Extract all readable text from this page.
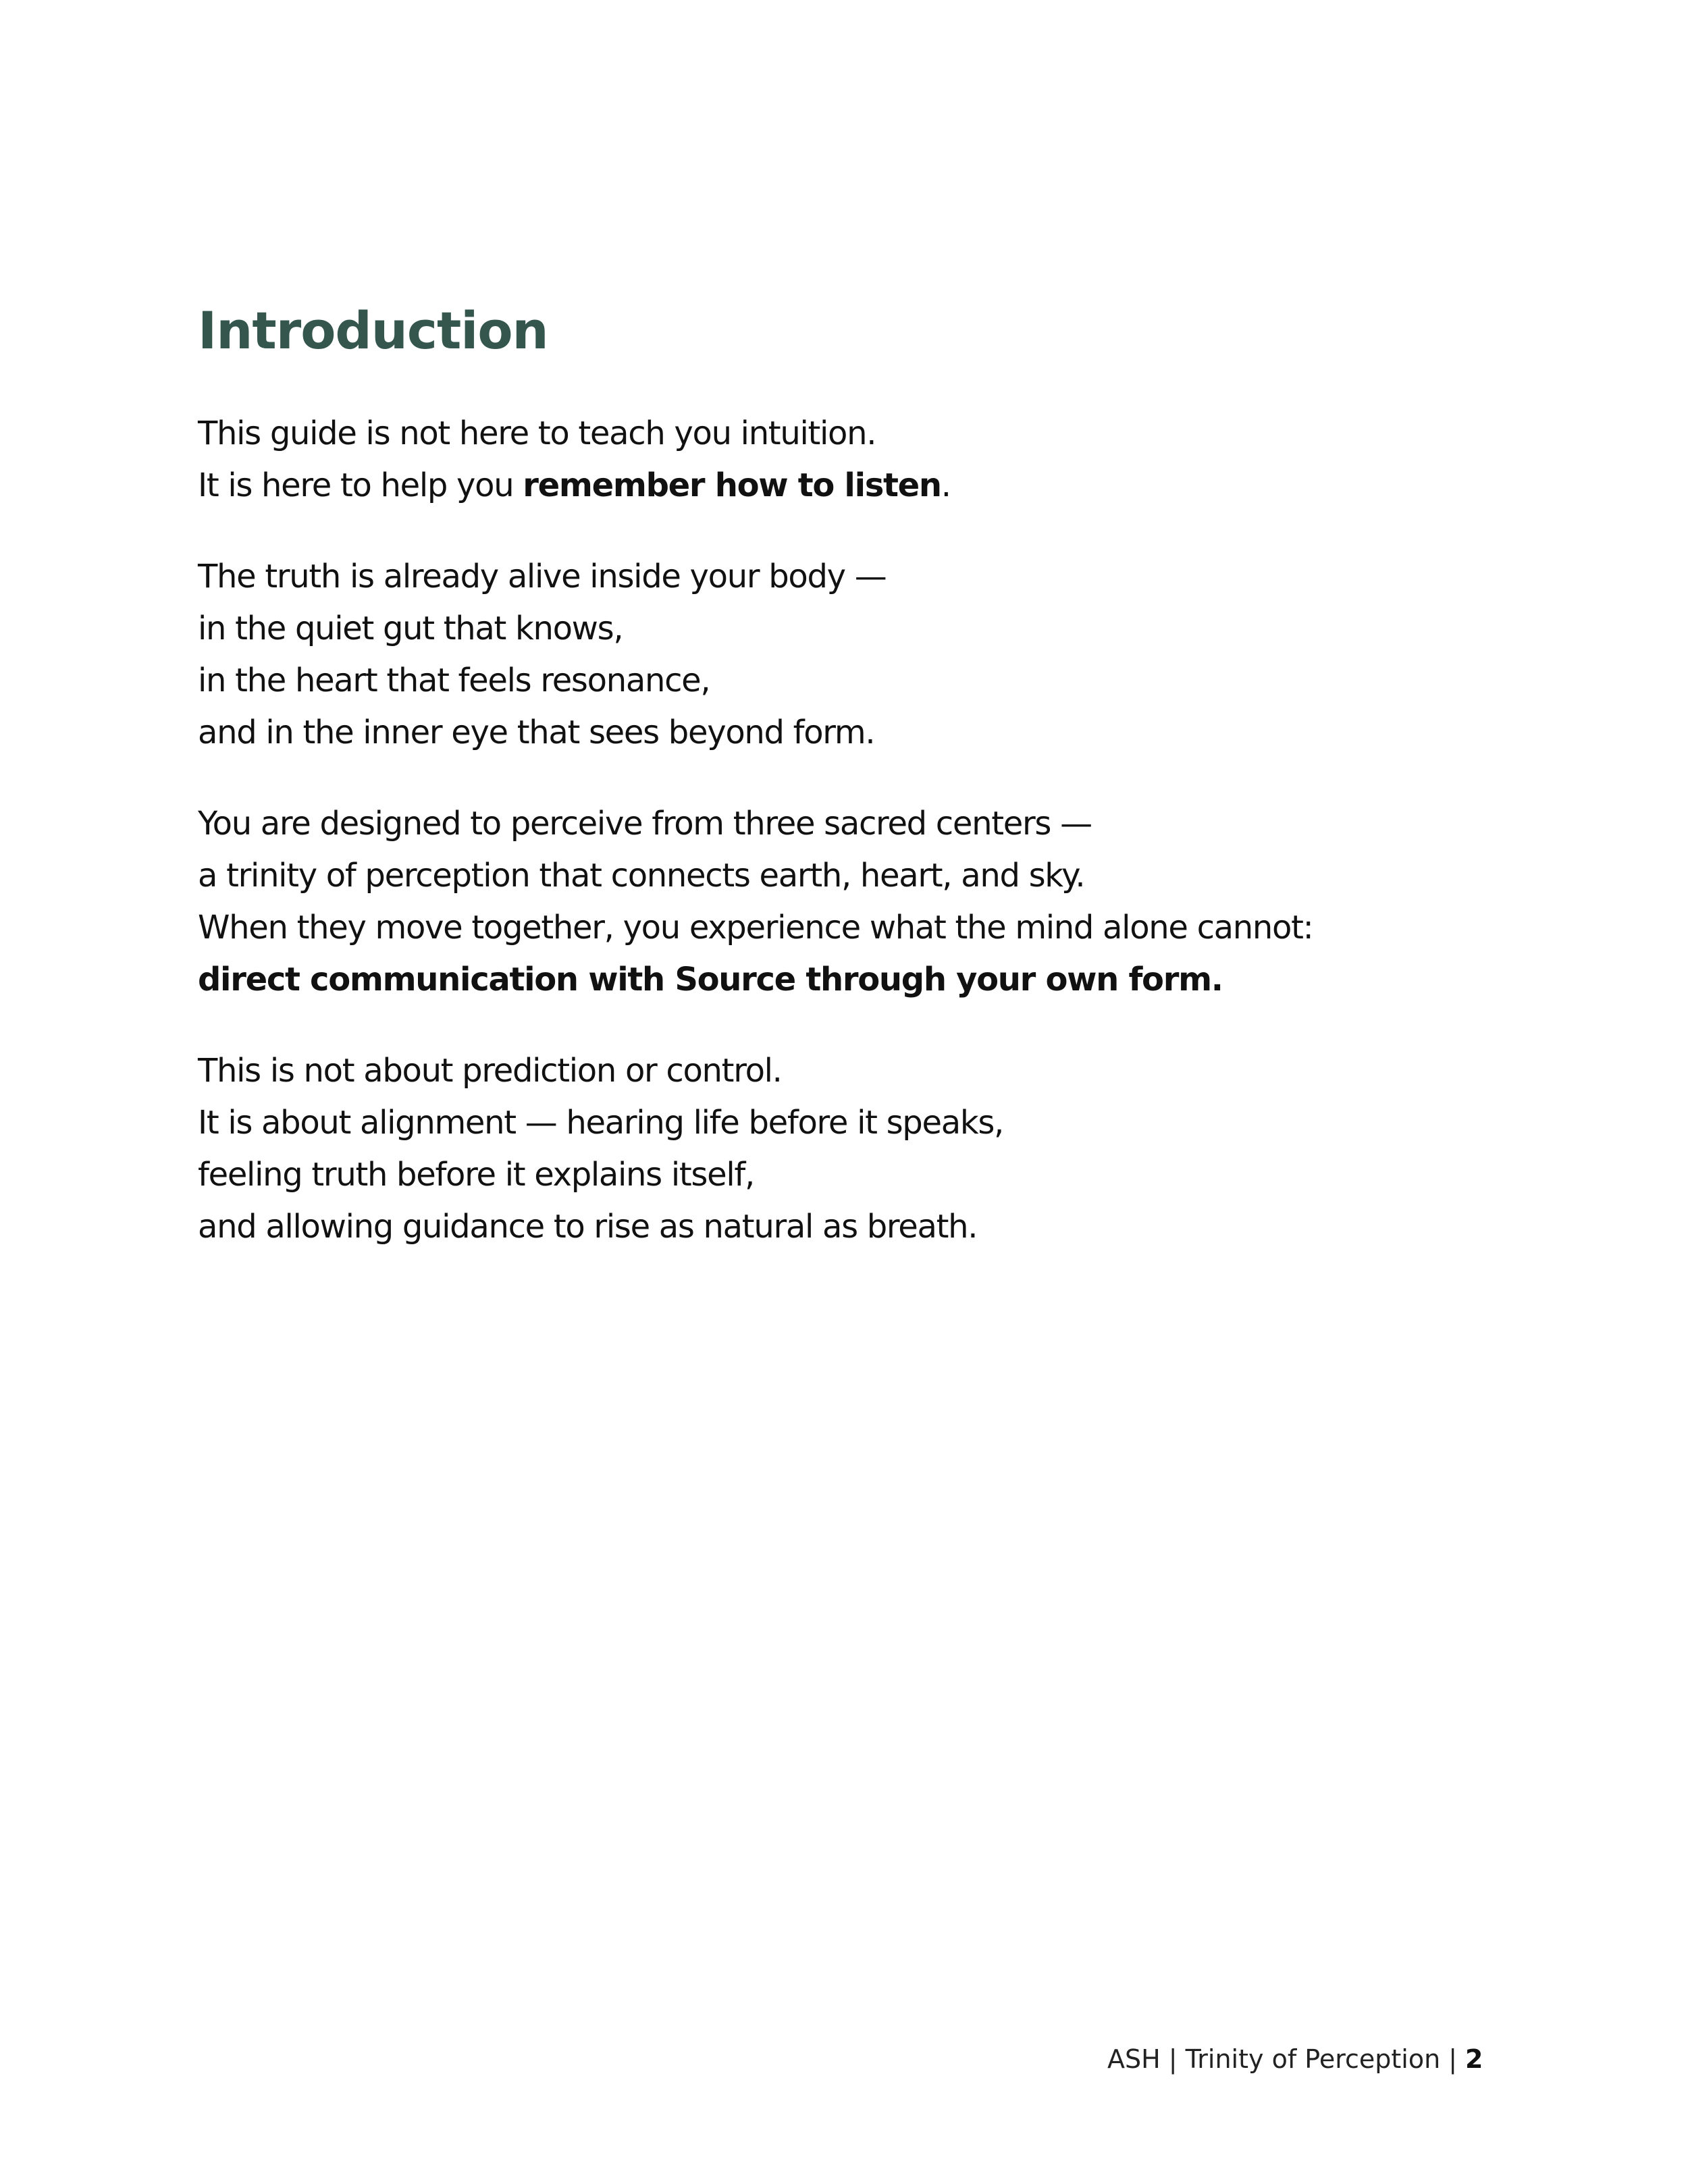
Introduction
This guide is not here to teach you intuition.
It is here to help you remember how to listen.
The truth is already alive inside your body —
in the quiet gut that knows,
in the heart that feels resonance,
and in the inner eye that sees beyond form.
You are designed to perceive from three sacred centers —
a trinity of perception that connects earth, heart, and sky.
When they move together, you experience what the mind alone cannot:
direct communication with Source through your own form.
This is not about prediction or control.
It is about alignment — hearing life before it speaks,
feeling truth before it explains itself,
and allowing guidance to rise as natural as breath.
ASH | Trinity of Perception | 2
